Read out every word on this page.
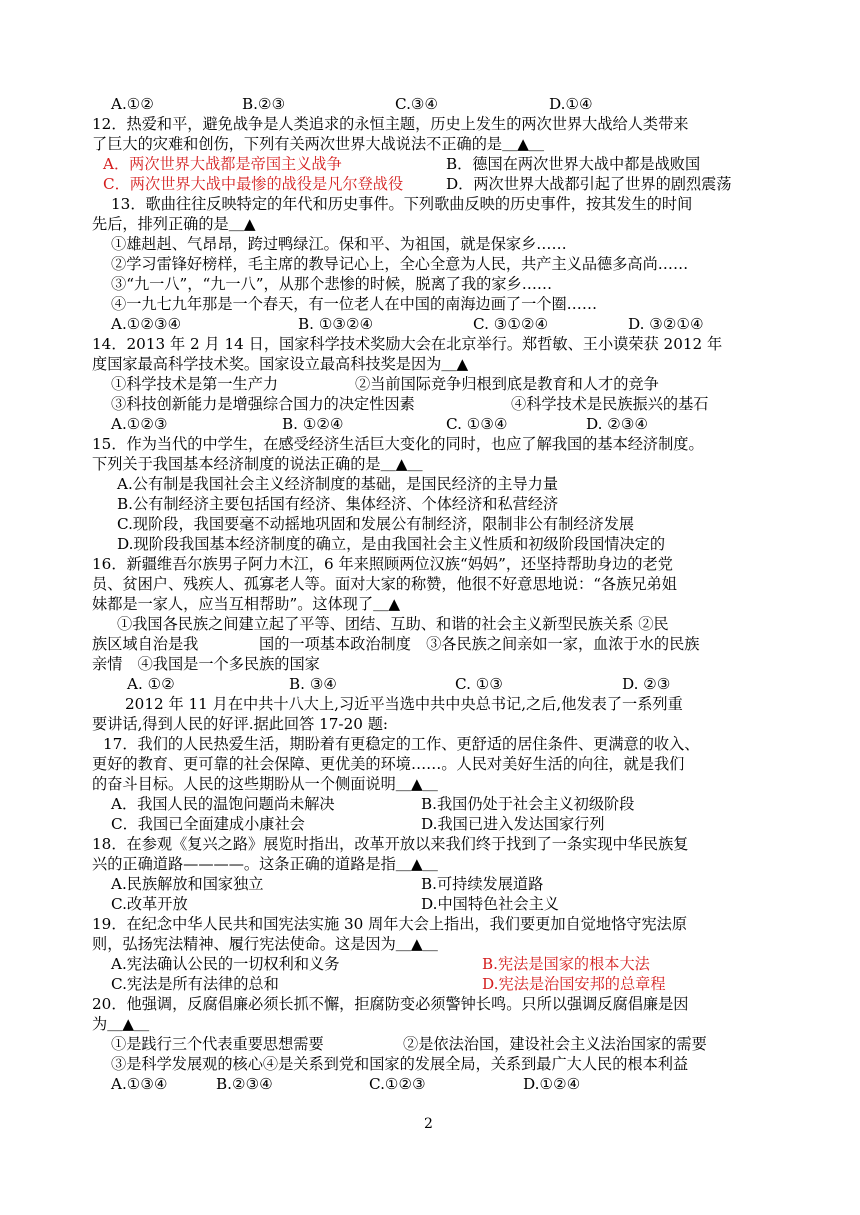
A.①②	B.②③	C.③④	D.①④
12．热爱和平，避免战争是人类追求的永恒主题，历史上发生的两次世界大战给人类带来
了巨大的灾难和创伤，下列有关两次世界大战说法不正确的是＿▲＿
A．两次世界大战都是帝国主义战争	B．德国在两次世界大战中都是战败国
C．两次世界大战中最惨的战役是凡尔登战役	D．两次世界大战都引起了世界的剧烈震荡
13．歌曲往往反映特定的年代和历史事件。下列歌曲反映的历史事件，按其发生的时间
先后，排列正确的是＿▲
①雄赳赳、气昂昂，跨过鸭绿江。保和平、为祖国，就是保家乡……
②学习雷锋好榜样，毛主席的教导记心上，全心全意为人民，共产主义品德多高尚……
③“九一八”，“九一八”，从那个悲惨的时候，脱离了我的家乡……
④一九七九年那是一个春天，有一位老人在中国的南海边画了一个圈……
A.①②③④	B. ①③②④	C. ③①②④	D. ③②①④
14．2013 年 2 月 14 日，国家科学技术奖励大会在北京举行。郑哲敏、王小谟荣获 2012 年
度国家最高科学技术奖。国家设立最高科技奖是因为＿▲
①科学技术是第一生产力	②当前国际竞争归根到底是教育和人才的竞争
③科技创新能力是增强综合国力的决定性因素	④科学技术是民族振兴的基石
A.①②③	B. ①②④	C. ①③④	D. ②③④
15．作为当代的中学生，在感受经济生活巨大变化的同时，也应了解我国的基本经济制度。
下列关于我国基本经济制度的说法正确的是＿▲＿
A.公有制是我国社会主义经济制度的基础，是国民经济的主导力量
B.公有制经济主要包括国有经济、集体经济、个体经济和私营经济
C.现阶段，我国要毫不动摇地巩固和发展公有制经济，限制非公有制经济发展
D.现阶段我国基本经济制度的确立，是由我国社会主义性质和初级阶段国情决定的
16．新疆维吾尔族男子阿力木江，6 年来照顾两位汉族“妈妈”，还坚持帮助身边的老党
员、贫困户、残疾人、孤寡老人等。面对大家的称赞，他很不好意思地说：“各族兄弟姐
妹都是一家人，应当互相帮助”。这体现了＿▲
①我国各民族之间建立起了平等、团结、互助、和谐的社会主义新型民族关系 ②民
族区域自治是我	国的一项基本政治制度　③各民族之间亲如一家，血浓于水的民族
亲情　④我国是一个多民族的国家
A. ①②	B. ③④	C. ①③	D. ②③
2012 年 11 月在中共十八大上,习近平当选中共中央总书记,之后,他发表了一系列重
要讲话,得到人民的好评.据此回答 17-20 题:
17．我们的人民热爱生活，期盼着有更稳定的工作、更舒适的居住条件、更满意的收入、
更好的教育、更可靠的社会保障、更优美的环境……。人民对美好生活的向往，就是我们
的奋斗目标。人民的这些期盼从一个侧面说明＿▲＿
A．我国人民的温饱问题尚未解决	B.我国仍处于社会主义初级阶段
C．我国已全面建成小康社会	D.我国已进入发达国家行列
18．在参观《复兴之路》展览时指出，改革开放以来我们终于找到了一条实现中华民族复
兴的正确道路————。这条正确的道路是指＿▲＿
A.民族解放和国家独立	B.可持续发展道路
C.改革开放	D.中国特色社会主义
19．在纪念中华人民共和国宪法实施 30 周年大会上指出，我们要更加自觉地恪守宪法原
则，弘扬宪法精神、履行宪法使命。这是因为＿▲＿
A.宪法确认公民的一切权利和义务	B.宪法是国家的根本大法
C.宪法是所有法律的总和	D.宪法是治国安邦的总章程
20．他强调，反腐倡廉必须长抓不懈，拒腐防变必须警钟长鸣。只所以强调反腐倡廉是因
为＿▲＿
①是践行三个代表重要思想需要	②是依法治国，建设社会主义法治国家的需要
③是科学发展观的核心④是关系到党和国家的发展全局，关系到最广大人民的根本利益
A.①③④	B.②③④	C.①②③	D.①②④
2
